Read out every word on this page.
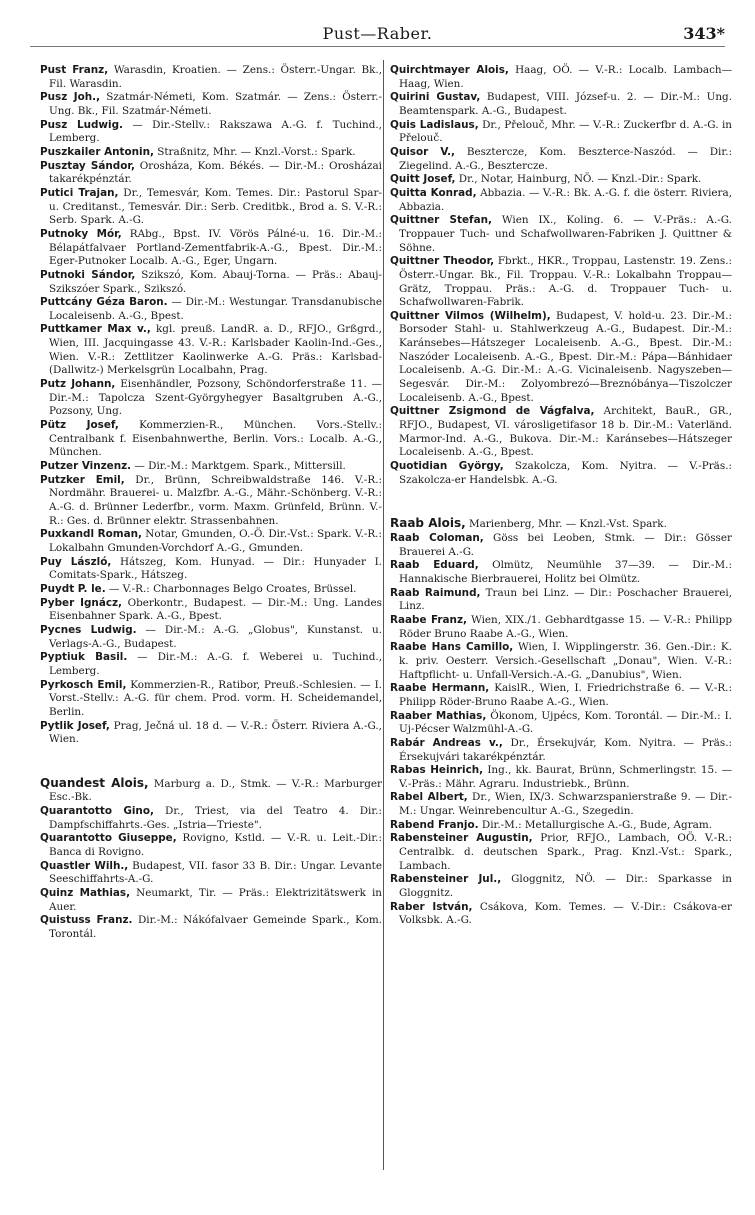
Pust—Raber.	343*

Pust Franz, Warasdin, Kroatien. — Zens.: Österr.-Ungar. Bk., Fil. Warasdin.

Pusz Joh., Szatmár-Németi, Kom. Szatmár. — Zens.: Österr.-Ung. Bk., Fil. Szatmár-Németi.

Pusz Ludwig. — Dir.-Stellv.: Rakszawa A.-G. f. Tuchind., Lemberg.

Puszkailer Antonin, Straßnitz, Mhr. — Knzl.-Vorst.: Spark.

Pusztay Sándor, Orosháza, Kom. Békés. — Dir.-M.: Orosházai takarékpénztár.

Putici Trajan, Dr., Temesvár, Kom. Temes. Dir.: Pastorul Spar- u. Creditanst., Temesvár. Dir.: Serb. Creditbk., Brod a. S. V.-R.: Serb. Spark. A.-G.

Putnoky Mór, RAbg., Bpst. IV. Vörös Pálné-u. 16. Dir.-M.: Bélapátfalvaer Portland-Zementfabrik-A.-G., Bpest. Dir.-M.: Eger-Putnoker Localb. A.-G., Eger, Ungarn.

Putnoki Sándor, Szikszó, Kom. Abauj-Torna. — Präs.: Abauj-Szikszóer Spark., Szikszó.

Puttcány Géza Baron. — Dir.-M.: Westungar. Transdanubische Localeisenb. A.-G., Bpest.

Puttkamer Max v., kgl. preuß. LandR. a. D., RFJO., Grßgrd., Wien, III. Jacquingasse 43. V.-R.: Karlsbader Kaolin-Ind.-Ges., Wien. V.-R.: Zettlitzer Kaolinwerke A.-G. Präs.: Karlsbad-(Dallwitz-) Merkelsgrün Localbahn, Prag.

Putz Johann, Eisenhändler, Pozsony, Schöndorferstraße 11. — Dir.-M.: Tapolcza Szent-Györgyhegyer Basaltgruben A.-G., Pozsony, Ung.

Pütz Josef, Kommerzien-R., München. Vors.-Stellv.: Centralbank f. Eisenbahnwerthe, Berlin. Vors.: Localb. A.-G., München.

Putzer Vinzenz. — Dir.-M.: Marktgem. Spark., Mittersill.

Putzker Emil, Dr., Brünn, Schreibwaldstraße 146. V.-R.: Nordmähr. Brauerei- u. Malzfbr. A.-G., Mähr.-Schönberg. V.-R.: A.-G. d. Brünner Lederfbr., vorm. Maxm. Grünfeld, Brünn. V.-R.: Ges. d. Brünner elektr. Strassenbahnen.

Puxkandl Roman, Notar, Gmunden, O.-Ö. Dir.-Vst.: Spark. V.-R.: Lokalbahn Gmunden-Vorchdorf A.-G., Gmunden.

Puy László, Hátszeg, Kom. Hunyad. — Dir.: Hunyader I. Comitats-Spark., Hátszeg.

Puydt P. le. — V.-R.: Charbonnages Belgo Croates, Brüssel.

Pyber Ignácz, Oberkontr., Budapest. — Dir.-M.: Ung. Landes Eisenbahner Spark. A.-G., Bpest.

Pycnes Ludwig. — Dir.-M.: A.-G. „Globus", Kunstanst. u. Verlags-A.-G., Budapest.

Pyptiuk Basil. — Dir.-M.: A.-G. f. Weberei u. Tuchind., Lemberg.

Pyrkosch Emil, Kommerzien-R., Ratibor, Preuß.-Schlesien. — I. Vorst.-Stellv.: A.-G. für chem. Prod. vorm. H. Scheidemandel, Berlin.

Pytlik Josef, Prag, Ječná ul. 18 d. — V.-R.: Österr. Riviera A.-G., Wien.

Quandest Alois, Marburg a. D., Stmk. — V.-R.: Marburger Esc.-Bk.

Quarantotto Gino, Dr., Triest, via del Teatro 4. Dir.: Dampfschiffahrts.-Ges. „Istria—Trieste".

Quarantotto Giuseppe, Rovigno, Kstld. — V.-R. u. Leit.-Dir.: Banca di Rovigno.

Quastler Wilh., Budapest, VII. fasor 33 B. Dir.: Ungar. Levante Seeschiffahrts-A.-G.

Quinz Mathias, Neumarkt, Tir. — Präs.: Elektrizitätswerk in Auer.

Quistuss Franz. Dir.-M.: Nákófalvaer Gemeinde Spark., Kom. Torontál.

Quirchtmayer Alois, Haag, OÖ. — V.-R.: Localb. Lambach—Haag, Wien.

Quirini Gustav, Budapest, VIII. József-u. 2. — Dir.-M.: Ung. Beamtenspark. A.-G., Budapest.

Quis Ladislaus, Dr., Přelouč, Mhr. — V.-R.: Zuckerfbr d. A.-G. in Přelouč.

Quisor V., Besztercze, Kom. Beszterce-Naszód. — Dir.: Ziegelind. A.-G., Besztercze.

Quitt Josef, Dr., Notar, Hainburg, NÖ. — Knzl.-Dir.: Spark.

Quitta Konrad, Abbazia. — V.-R.: Bk. A.-G. f. die österr. Riviera, Abbazia.

Quittner Stefan, Wien IX., Koling. 6. — V.-Präs.: A.-G. Troppauer Tuch- und Schafwollwaren-Fabriken J. Quittner & Söhne.

Quittner Theodor, Fbrkt., HKR., Troppau, Lastenstr. 19. Zens.: Österr.-Ungar. Bk., Fil. Troppau. V.-R.: Lokalbahn Troppau—Grätz, Troppau. Präs.: A.-G. d. Troppauer Tuch- u. Schafwollwaren-Fabrik.

Quittner Vilmos (Wilhelm), Budapest, V. hold-u. 23. Dir.-M.: Borsoder Stahl- u. Stahlwerkzeug A.-G., Budapest. Dir.-M.: Karánsebes—Hátszeger Localeisenb. A.-G., Bpest. Dir.-M.: Naszóder Localeisenb. A.-G., Bpest. Dir.-M.: Pápa—Bánhidaer Localeisenb. A.-G. Dir.-M.: A.-G. Vicinaleisenb. Nagyszeben—Segesvár. Dir.-M.: Zolyombrezó—Breznóbánya—Tiszolczer Localeisenb. A.-G., Bpest.

Quittner Zsigmond de Vágfalva, Architekt, BauR., GR., RFJO., Budapest, VI. városligetifasor 18 b. Dir.-M.: Vaterländ. Marmor-Ind. A.-G., Bukova. Dir.-M.: Karánsebes—Hátszeger Localeisenb. A.-G., Bpest.

Quotidian György, Szakolcza, Kom. Nyitra. — V.-Präs.: Szakolcza-er Handelsbk. A.-G.

Raab Alois, Marienberg, Mhr. — Knzl.-Vst. Spark.

Raab Coloman, Göss bei Leoben, Stmk. — Dir.: Gösser Brauerei A.-G.

Raab Eduard, Olmütz, Neumühle 37—39. — Dir.-M.: Hannakische Bierbrauerei, Holitz bei Olmütz.

Raab Raimund, Traun bei Linz. — Dir.: Poschacher Brauerei, Linz.

Raabe Franz, Wien, XIX./1. Gebhardtgasse 15. — V.-R.: Philipp Röder Bruno Raabe A.-G., Wien.

Raabe Hans Camillo, Wien, I. Wipplingerstr. 36. Gen.-Dir.: K. k. priv. Oesterr. Versich.-Gesellschaft „Donau", Wien. V.-R.: Haftpflicht- u. Unfall-Versich.-A.-G. „Danubius", Wien.

Raabe Hermann, KaislR., Wien, I. Friedrichstraße 6. — V.-R.: Philipp Röder-Bruno Raabe A.-G., Wien.

Raaber Mathias, Ökonom, Ujpécs, Kom. Torontál. — Dir.-M.: I. Uj-Pécser Walzmühl-A.-G.

Rabár Andreas v., Dr., Érsekujvár, Kom. Nyitra. — Präs.: Érsekujvári takarékpénztár.

Rabas Heinrich, Ing., kk. Baurat, Brünn, Schmerlingstr. 15. — V.-Präs.: Mähr. Agraru. Industriebk., Brünn.

Rabel Albert, Dr., Wien, IX/3. Schwarzspanierstraße 9. — Dir.-M.: Ungar. Weinrebencultur A.-G., Szegedin.

Rabend Franjo. Dir.-M.: Metallurgische A.-G., Bude, Agram.

Rabensteiner Augustin, Prior, RFJO., Lambach, OÖ. V.-R.: Centralbk. d. deutschen Spark., Prag. Knzl.-Vst.: Spark., Lambach.

Rabensteiner Jul., Gloggnitz, NÖ. — Dir.: Sparkasse in Gloggnitz.

Raber István, Csákova, Kom. Temes. — V.-Dir.: Csákova-er Volksbk. A.-G.
